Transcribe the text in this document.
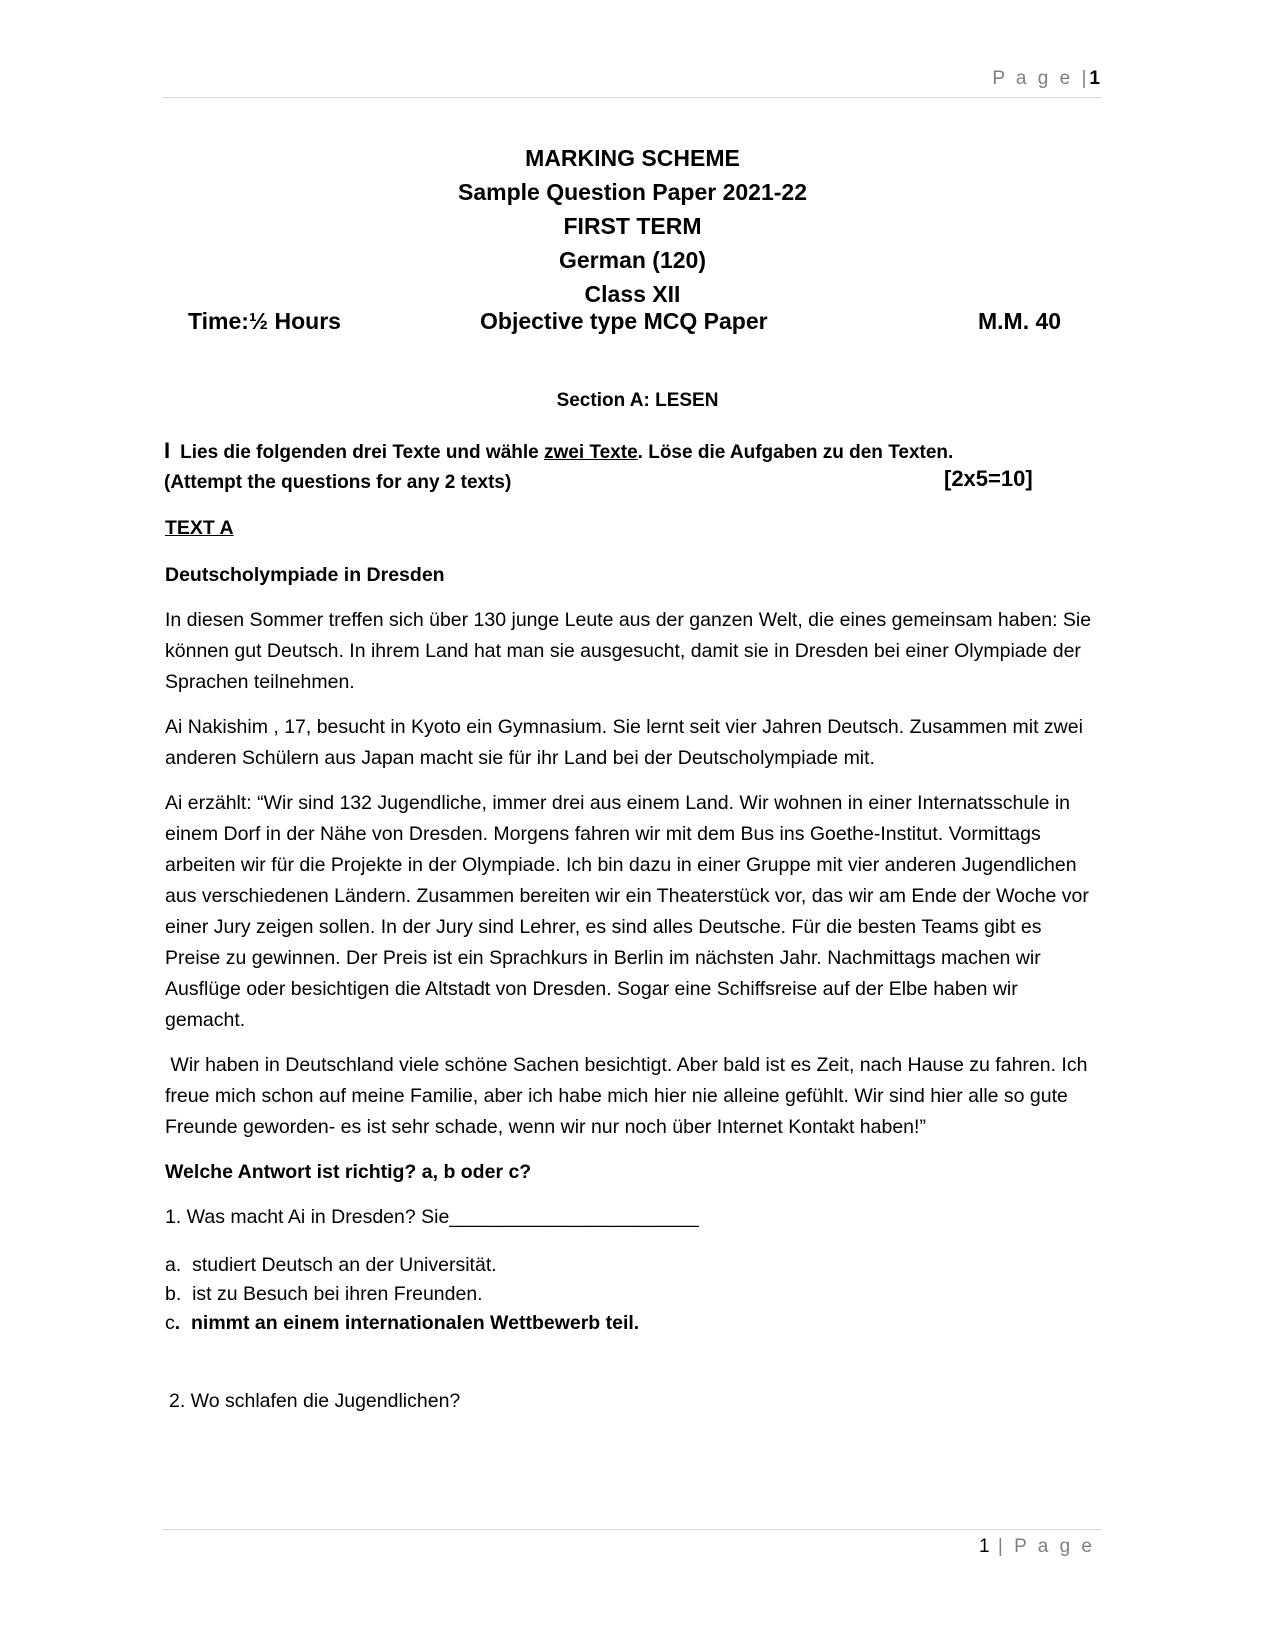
P a g e |1
MARKING SCHEME
Sample Question Paper 2021-22
FIRST TERM
German (120)
Class XII
Time:½ Hours	Objective type MCQ Paper	M.M. 40
Section A: LESEN
I Lies die folgenden drei Texte und wähle zwei Texte. Löse die Aufgaben zu den Texten.
(Attempt the questions for any 2 texts)	[2x5=10]

TEXT A

Deutscholympiade in Dresden

In diesen Sommer treffen sich über 130 junge Leute aus der ganzen Welt, die eines gemeinsam haben: Sie können gut Deutsch. In ihrem Land hat man sie ausgesucht, damit sie in Dresden bei einer Olympiade der Sprachen teilnehmen.

Ai Nakishim , 17, besucht in Kyoto ein Gymnasium. Sie lernt seit vier Jahren Deutsch. Zusammen mit zwei anderen Schülern aus Japan macht sie für ihr Land bei der Deutscholympiade mit.

Ai erzählt: “Wir sind 132 Jugendliche, immer drei aus einem Land. Wir wohnen in einer Internatsschule in einem Dorf in der Nähe von Dresden. Morgens fahren wir mit dem Bus ins Goethe-Institut. Vormittags arbeiten wir für die Projekte in der Olympiade. Ich bin dazu in einer Gruppe mit vier anderen Jugendlichen aus verschiedenen Ländern. Zusammen bereiten wir ein Theaterstück vor, das wir am Ende der Woche vor einer Jury zeigen sollen. In der Jury sind Lehrer, es sind alles Deutsche. Für die besten Teams gibt es Preise zu gewinnen. Der Preis ist ein Sprachkurs in Berlin im nächsten Jahr. Nachmittags machen wir Ausflüge oder besichtigen die Altstadt von Dresden. Sogar eine Schiffsreise auf der Elbe haben wir gemacht.

Wir haben in Deutschland viele schöne Sachen besichtigt. Aber bald ist es Zeit, nach Hause zu fahren. Ich freue mich schon auf meine Familie, aber ich habe mich hier nie alleine gefühlt. Wir sind hier alle so gute Freunde geworden- es ist sehr schade, wenn wir nur noch über Internet Kontakt haben!”

Welche Antwort ist richtig? a, b oder c?

1. Was macht Ai in Dresden? Sie_______________________

a.  studiert Deutsch an der Universität.
b.  ist zu Besuch bei ihren Freunden.
c.  nimmt an einem internationalen Wettbewerb teil.

2. Wo schlafen die Jugendlichen?

1 | P a g e
